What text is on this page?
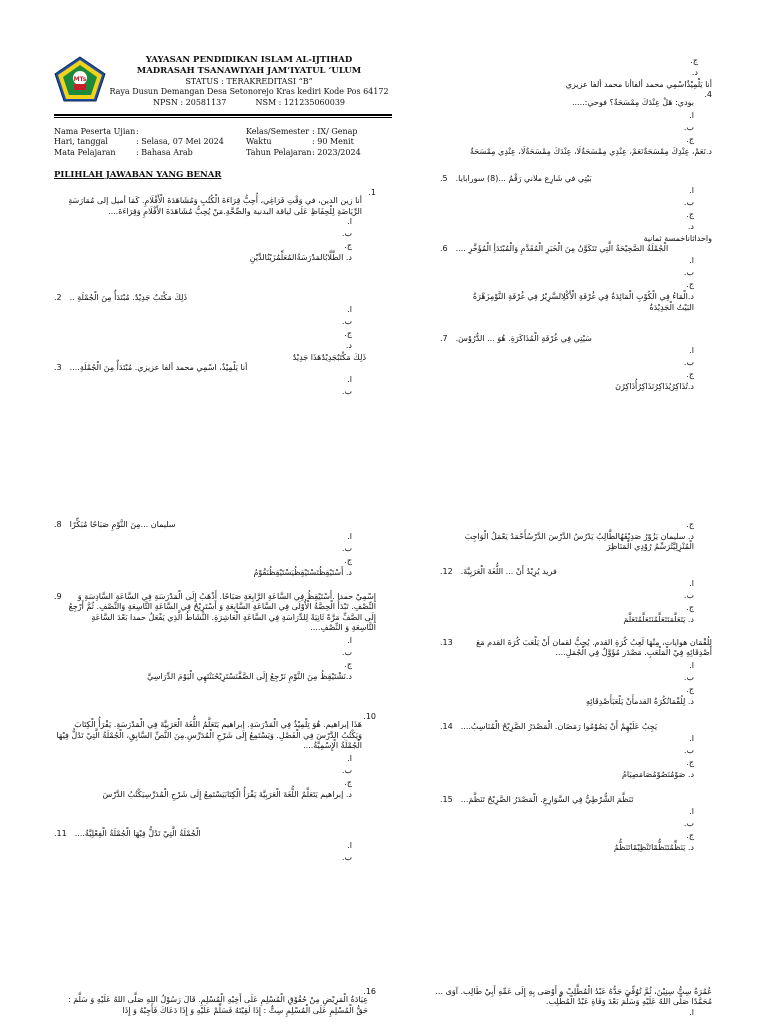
MTs
YAYASAN PENDIDIKAN ISLAM AL-IJTIHAD
MADRASAH TSANAWIYAH JAM’IYATUL ‘ULUM
STATUS : TERAKREDITASI “B”
Raya Dusun Demangan Desa Setonorejo Kras kediri Kode Pos 64172
NPSN : 20581137	NSM : 121235060039
Nama Peserta Ujian:
Hari, tanggal	: Selasa, 07 Mei 2024
Mata Pelajaran	: Bahasa Arab
Kelas/Semester : IX/ Genap
Waktu	: 90 Menit
Tahun Pelajaran: 2023/2024
PILIHLAH JAWABAN YANG BENAR
1.
أنا زين الدين، في وَقْتِ فَرَاغِي، أُحِبُّ قِرَاءَةَ الْكُتُبِ وَمُشَاهَدَةَ الْأَفْلَامِ. كَمَا أميل إلى مُمَارَسَةِ الرِّيَاضَةِ لِلْحِفَاظِ عَلَى لياقة البدنية والصِّحَّةِ.مَنْ يُحِبُّ مُشَاهَدَةَ الأَفْلَامِ وَقِرَاءَةَ....
ا.
ب.
ج.
د. الطَّلَّابُالمَدْرَسَةُالمُعَلِّمُزَيْنُالدِّيْنِ
2. ذَلِكَ مَكْتَبٌ جَدِيْدٌ. مُبْتَدَأٌ مِنَ الْجُمْلَةِ ..
ا.
ب.
ج.
د.
ذَلِكَ مَكْتَبٌجَدِيْدٌهَذَا جَدِيْدٌ
3. أنا يَلْمِيْذٌ، اسْمِي محمد ألفا عزيزي. مُبْتَدَأٌ مِنَ الْجُمْلَةِ....
ا.
ب.
8. سليمان ...مِنَ النَّوْمِ صَبَاحًا مُبَكِّرًا
ا.
ب.
ج.
د. أَسْتَيْقِظُتَسْتَيْقِظُيَسْتَيْقِظُنَقُوْمُ
9.	إِسْمِيْ حمدا .أَسْتَيْقِظُ فِي السَّاعَةِ الرَّابِعَةِ صَبَاحًا. أَذْهَبُ إِلَى الْمَدْرَسَةِ فِي السَّاعَةِ السَّادِسَةِ وَ النِّصْفِ. تَبْدَأُ الْحِصَّةُ الْأُوْلَى فِي السَّاعَةِ السَّابِعَةِ وَ أَسْتَرِيْحُ فِي السَّاعَةِ التَّاسِعَةِ وَالنِّصْفِ. ثُمَّ أَرْجِعُ إِلَى الصَّفِّ مَرَّةً ثَانِيَةً لِلدِّرَاسَةِ فِي السَّاعَةِ الْعَاشِرَةِ. النَّشَاطُ الَّذِي يَفْعَلُ حمدا بَعْدَ السَّاعَةِ التَّاسِعَةِ وَ النِّصْفِ....
ا.
ب.
ج.
د.نَشْتَيْقِظُ مِنَ النَّوْمِ نَرْجِعُ إِلَى الصَّفَّنَسْتَرِيْحُنَنْتَهِي الْيَوْمَ الدِّرَاسِيَّ
10.
هَذَا إبراهيم. هُوَ تِلْمِيْذٌ فِي الْمَدْرَسَةِ. إبراهيم يَتَعَلَّمُ اللُّغَةَ الْعَرَبِيَّةَ فِي الْمَدْرَسَةِ. يَقْرَأُ الْكِتَابَ وَيَكْتُبُ الدَّرْسَ فِي الْفَصْلِ. وَيَسْتَمِعُ إِلَى شَرْحِ الْمُدَرِّسِ.مِنَ النَّصِّ السَّابِقِ، الْجُمْلَةُ الَّتِيْ تَدُلُّ فِيْهَا الْجُمْلَةُ الْإِسْمِيَّةُ....
ا.
ب.
ج.
د. إبراهيم يَتَعَلَّمُ اللُّغَةَ الْعَرَبِيَّةَ يَقْرَأُ الْكِتَابَيَسْتَمِعُ إِلَى شَرْحِ الْمُدَرِّسِيَكْتُبُ الدَّرْسَ
11. الْجُمْلَةُ الَّتِيْ تَدُلُّ فِيْهَا الْجُمْلَةُ الْفِعْلِيَّةُ....
ا.
ب.
16.
عِيَادَةُ الْمَرِيْضِ مِنْ حُقُوْقِ الْمُسْلِمِ عَلَى أَخِيْهِ الْمُسْلِمِ. قَالَ رَسُوْلُ اللهِ صَلَّى اللهُ عَلَيْهِ وَ سَلَّمَ : حَقُّ الْمُسْلِمِ عَلَى الْمُسْلِمِ سِتٌّ : إِذَا لَقِيْتَهُ فَسَلِّمْ عَلَيْهِ وَ إِذَا دَعَاكَ فَأَجِبْهُ وَ إِذَا
ج.
د.
أنا يَلْمِيْذٌاسْمِي محمد ألفاأنا محمد ألفا عزيزي
4.
بودي: هَلْ عِنْدَكَ مِمْسَحَةٌ؟ فوحي:.....
ا.
ب.
ج.
د.نَعَمْ، عِنْدِكَ مِمْسَحَةٌنَعَمْ، عِنْدِي مِمْسَحَةٌلَا، عِنْدَكَ مِمْسَحَةٌلَا، عِنْدِي مِمْسَحَةٌ
5. بَيْتِي في شَارِع ملاني رَقْمُ ...(8) سورابايا.
ا.
ب.
ج.
د.
واحداثاناخمسة ثمانية
6. الْجُمْلَةُ الصَّحِيْحَةُ الَّتِي تَتَكَوَّنُ مِنَ الْخَبَرِ الْمُقَدَّمِ وَالْمُبْتَدَأِ الْمُؤَخَّرِ ....
ا.
ب.
ج.
د.الْمَاءُ فِي الْكُوْبِ الْمَائِدَةُ فِي غُرْفَةِ الْأَكْلِالسَّرِيْرُ فِي غُرْفَةِ النَّوْمِزَهْرَةُ البَيْتُ الْجَدِيْدَةُ
7. سَيْتِي فِي غُرْفَةِ الْمُذَاكَرَةِ. هُوَ ... الدُّرُوْسَ.
ا.
ب.
ج.
د.تُذَاكِرُيُذَاكِرُنَذَاكِرُأُذَاكِرُنَ
ج.
د. سليمان يَزُوْرُ صَدِيْقَهُالطَّالِبُ يَدْرُسُ الدَّرْسَ الدَّرْسُأَحْمَدُ يَعْمَلُ الْوَاجِبَ الْمُنْزِلِيَّتُرَسِّمُ رُوْدِي الْمَنَاظِرَ
12. فريد يُرِيْدُ أَنْ ... اللُّغَةَ الْعَرَبِيَّةَ.
ا.
ب.
ج.
د. يَتَعَلَّمَتَتَعَلَّمُنَتَعَلَّمُتَعَلَّمَ
13.	لِلُقْمَان هوايات، مِنْهَا لَعِبُ كُرَةِ القدم. يُحِبُّ لقمان أَنْ يَلْعَبَ كُرَةَ القدم مَعَ أَصْدِقَائِهِ فِيْ الْمَلْعَبِ. مَصْدَر مُؤَوَّلٌ فِي الْجُمَلِ....
ا.
ب.
ج.
د. لِلُقْمَانُكُرَةُ القدمأَنْ يَلْعَبَأَصْدِقَائِهِ
14. يَجِبُ عَلَيْهِمْ أَنْ يَصُوْمُوا رَمَضَان. الْمَصْدَرُ الصَّرِيْحُ الْمُنَاسِبُ....
ا.
ب.
ج.
د. صَوْمُنَصُوْمُصَامَصِيَامُ
15. تَنَظَّمَ الشُّرْطِيُّ فِي السَّوَارِعِ. الْمَصْدَرُ الصَّرِيْحُ تَنَظَّمَ...
ا.
ب.
ج.
د. يَنَظِّمُتَنَظُّمًاتَنْظِيْمًاتَنَظُّمُ
عُمُرَةُ سِتُّ سِنِيْنَ، ثُمَّ تُوُفِّيَ جَدُّهُ عَبْدُ الْمُطَّلِبْ و أَوْصَى بِهِ إِلَى عَمِّهِ أَبِيْ طَالِب. آوَى ... مُحَمَّدًا صَلَّى اللهُ عَلَيْهِ وَسَلَّمَ بَعْدَ وَفَاةِ عَبْدُ الْمُطَّلِب.
ا.
